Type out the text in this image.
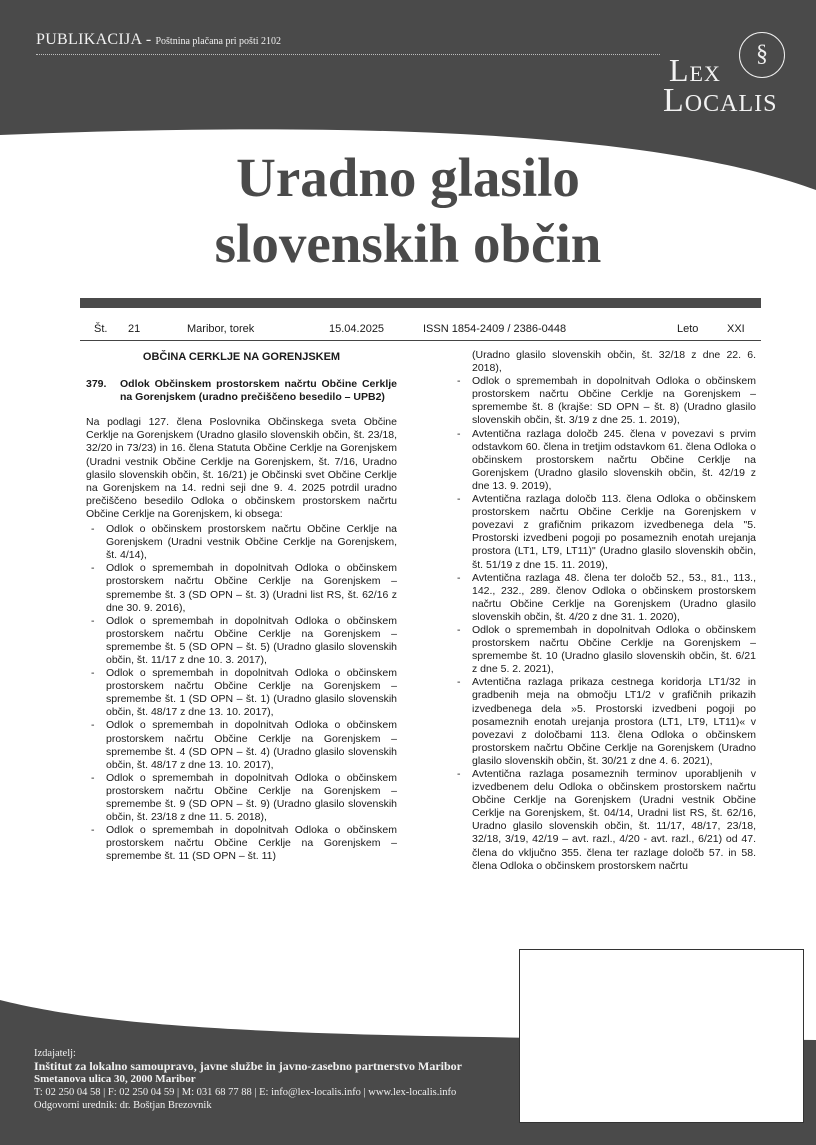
PUBLIKACIJA - Poštnina plačana pri pošti 2102	§
Lex
Localis
Uradno glasilo
slovenskih občin
Št. 21	Maribor, torek	15.04.2025	ISSN 1854-2409 / 2386-0448	Leto	XXI
OBČINA CERKLJE NA GORENJSKEM
379.	Odlok Občinskem prostorskem načrtu Občine Cerklje na Gorenjskem (uradno prečiščeno besedilo – UPB2)

Na podlagi 127. člena Poslovnika Občinskega sveta Občine Cerklje na Gorenjskem (Uradno glasilo slovenskih občin, št. 23/18, 32/20 in 73/23) in 16. člena Statuta Občine Cerklje na Gorenjskem (Uradni vestnik Občine Cerklje na Gorenjskem, št. 7/16, Uradno glasilo slovenskih občin, št. 16/21) je Občinski svet Občine Cerklje na Gorenjskem na 14. redni seji dne 9. 4. 2025 potrdil uradno prečiščeno besedilo Odloka o občinskem prostorskem načrtu Občine Cerklje na Gorenjskem, ki obsega:

- Odlok o občinskem prostorskem načrtu Občine Cerklje na Gorenjskem (Uradni vestnik Občine Cerklje na Gorenjskem, št. 4/14),
- Odlok o spremembah in dopolnitvah Odloka o občinskem prostorskem načrtu Občine Cerklje na Gorenjskem – spremembe št. 3 (SD OPN – št. 3) (Uradni list RS, št. 62/16 z dne 30. 9. 2016),
- Odlok o spremembah in dopolnitvah Odloka o občinskem prostorskem načrtu Občine Cerklje na Gorenjskem – spremembe št. 5 (SD OPN – št. 5) (Uradno glasilo slovenskih občin, št. 11/17 z dne 10. 3. 2017),
- Odlok o spremembah in dopolnitvah Odloka o občinskem prostorskem načrtu Občine Cerklje na Gorenjskem – spremembe št. 1 (SD OPN – št. 1) (Uradno glasilo slovenskih občin, št. 48/17 z dne 13. 10. 2017),
- Odlok o spremembah in dopolnitvah Odloka o občinskem prostorskem načrtu Občine Cerklje na Gorenjskem – spremembe št. 4 (SD OPN – št. 4) (Uradno glasilo slovenskih občin, št. 48/17 z dne 13. 10. 2017),
- Odlok o spremembah in dopolnitvah Odloka o občinskem prostorskem načrtu Občine Cerklje na Gorenjskem – spremembe št. 9 (SD OPN – št. 9) (Uradno glasilo slovenskih občin, št. 23/18 z dne 11. 5. 2018),
- Odlok o spremembah in dopolnitvah Odloka o občinskem prostorskem načrtu Občine Cerklje na Gorenjskem – spremembe št. 11 (SD OPN – št. 11)

(Uradno glasilo slovenskih občin, št. 32/18 z dne 22. 6. 2018),

- Odlok o spremembah in dopolnitvah Odloka o občinskem prostorskem načrtu Občine Cerklje na Gorenjskem – spremembe št. 8 (krajše: SD OPN – št. 8) (Uradno glasilo slovenskih občin, št. 3/19 z dne 25. 1. 2019),
- Avtentična razlaga določb 245. člena v povezavi s prvim odstavkom 60. člena in tretjim odstavkom 61. člena Odloka o občinskem prostorskem načrtu Občine Cerklje na Gorenjskem (Uradno glasilo slovenskih občin, št. 42/19 z dne 13. 9. 2019),
- Avtentična razlaga določb 113. člena Odloka o občinskem prostorskem načrtu Občine Cerklje na Gorenjskem v povezavi z grafičnim prikazom izvedbenega dela "5. Prostorski izvedbeni pogoji po posameznih enotah urejanja prostora (LT1, LT9, LT11)" (Uradno glasilo slovenskih občin, št. 51/19 z dne 15. 11. 2019),
- Avtentična razlaga 48. člena ter določb 52., 53., 81., 113., 142., 232., 289. členov Odloka o občinskem prostorskem načrtu Občine Cerklje na Gorenjskem (Uradno glasilo slovenskih občin, št. 4/20 z dne 31. 1. 2020),
- Odlok o spremembah in dopolnitvah Odloka o občinskem prostorskem načrtu Občine Cerklje na Gorenjskem – spremembe št. 10 (Uradno glasilo slovenskih občin, št. 6/21 z dne 5. 2. 2021),
- Avtentična razlaga prikaza cestnega koridorja LT1/32 in gradbenih meja na območju LT1/2 v grafičnih prikazih izvedbenega dela »5. Prostorski izvedbeni pogoji po posameznih enotah urejanja prostora (LT1, LT9, LT11)« v povezavi z določbami 113. člena Odloka o občinskem prostorskem načrtu Občine Cerklje na Gorenjskem (Uradno glasilo slovenskih občin, št. 30/21 z dne 4. 6. 2021),
- Avtentična razlaga posameznih terminov uporabljenih v izvedbenem delu Odloka o občinskem prostorskem načrtu Občine Cerklje na Gorenjskem (Uradni vestnik Občine Cerklje na Gorenjskem, št. 04/14, Uradni list RS, št. 62/16, Uradno glasilo slovenskih občin, št. 11/17, 48/17, 23/18, 32/18, 3/19, 42/19 – avt. razl., 4/20 - avt. razl., 6/21) od 47. člena do vključno 355. člena ter razlage določb 57. in 58. člena Odloka o občinskem prostorskem načrtu
Izdajatelj:
Inštitut za lokalno samoupravo, javne službe in javno-zasebno partnerstvo Maribor
Smetanova ulica 30, 2000 Maribor
T: 02 250 04 58 | F: 02 250 04 59 | M: 031 68 77 88 | E: info@lex-localis.info | www.lex-localis.info
Odgovorni urednik: dr. Boštjan Brezovnik
